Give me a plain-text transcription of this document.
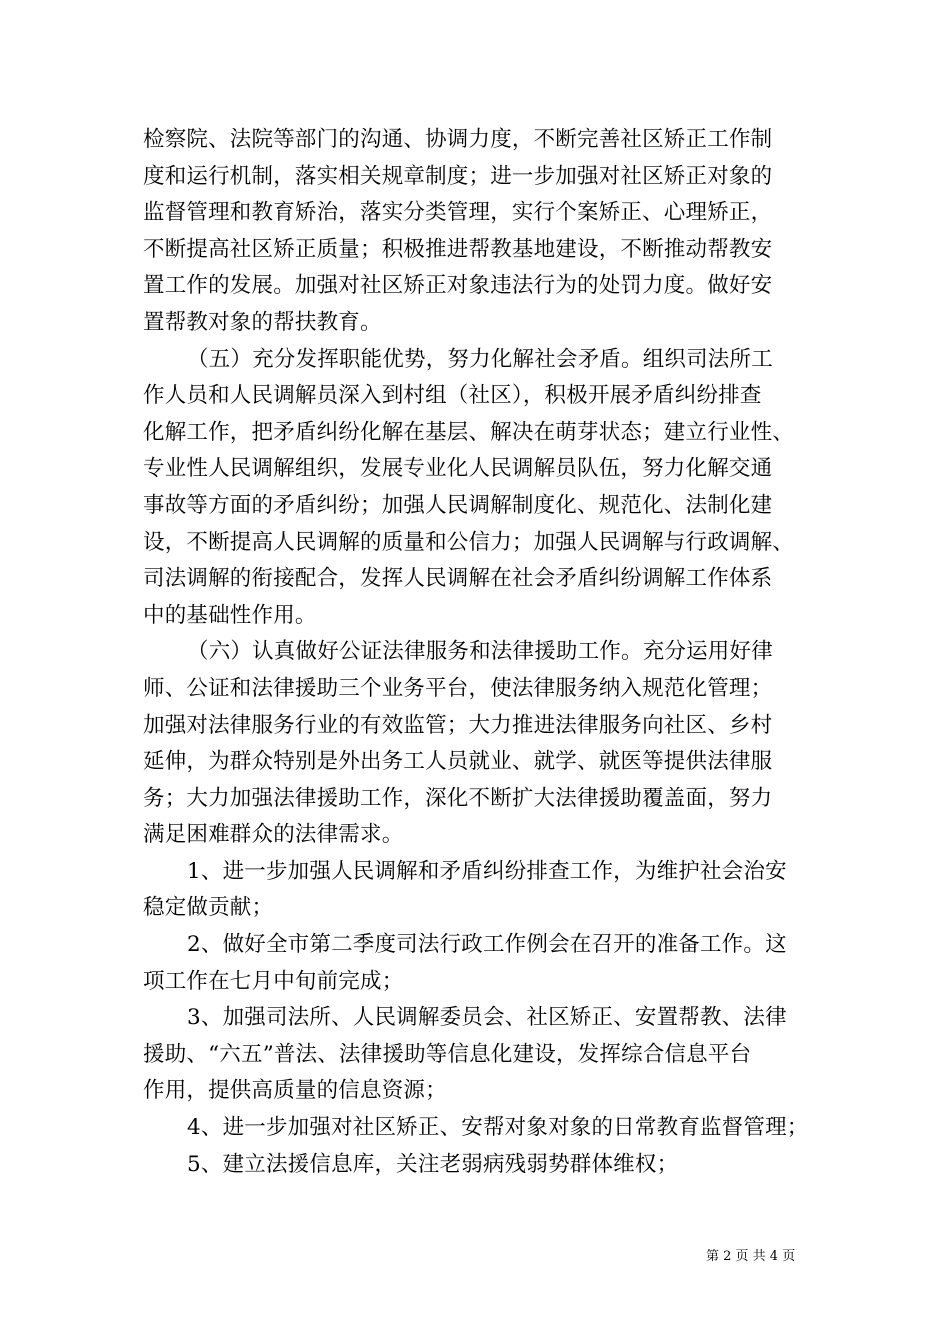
检察院、法院等部门的沟通、协调力度，不断完善社区矫正工作制
度和运行机制，落实相关规章制度；进一步加强对社区矫正对象的
监督管理和教育矫治，落实分类管理，实行个案矫正、心理矫正，
不断提高社区矫正质量；积极推进帮教基地建设，不断推动帮教安
置工作的发展。加强对社区矫正对象违法行为的处罚力度。做好安
置帮教对象的帮扶教育。
（五）充分发挥职能优势，努力化解社会矛盾。组织司法所工
作人员和人民调解员深入到村组（社区），积极开展矛盾纠纷排查
化解工作，把矛盾纠纷化解在基层、解决在萌芽状态；建立行业性、
专业性人民调解组织，发展专业化人民调解员队伍，努力化解交通
事故等方面的矛盾纠纷；加强人民调解制度化、规范化、法制化建
设，不断提高人民调解的质量和公信力；加强人民调解与行政调解、
司法调解的衔接配合，发挥人民调解在社会矛盾纠纷调解工作体系
中的基础性作用。
（六）认真做好公证法律服务和法律援助工作。充分运用好律
师、公证和法律援助三个业务平台，使法律服务纳入规范化管理；
加强对法律服务行业的有效监管；大力推进法律服务向社区、乡村
延伸，为群众特别是外出务工人员就业、就学、就医等提供法律服
务；大力加强法律援助工作，深化不断扩大法律援助覆盖面，努力
满足困难群众的法律需求。
1、进一步加强人民调解和矛盾纠纷排查工作，为维护社会治安
稳定做贡献；
2、做好全市第二季度司法行政工作例会在召开的准备工作。这
项工作在七月中旬前完成；
3、加强司法所、人民调解委员会、社区矫正、安置帮教、法律
援助、“六五”普法、法律援助等信息化建设，发挥综合信息平台
作用，提供高质量的信息资源；
4、进一步加强对社区矫正、安帮对象对象的日常教育监督管理；
5、建立法援信息库，关注老弱病残弱势群体维权；
第 2 页 共 4 页
